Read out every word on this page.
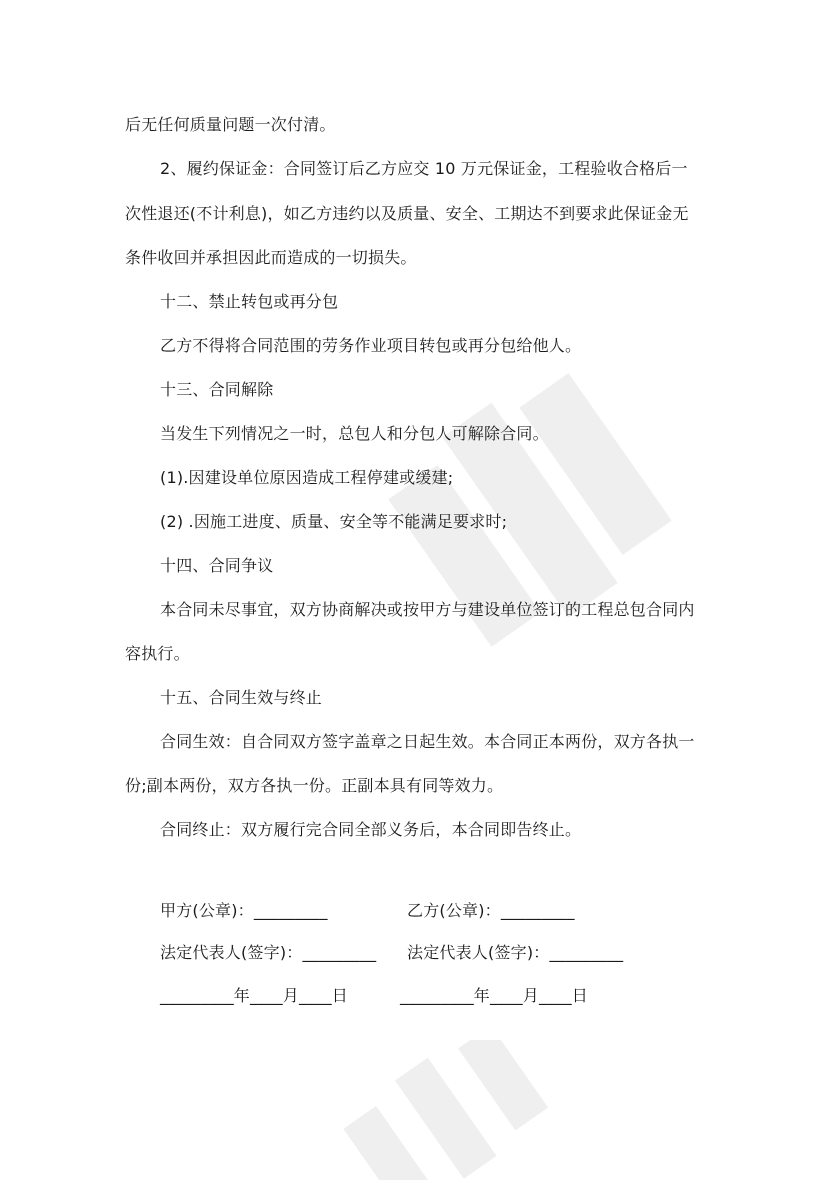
后无任何质量问题一次付清。
2、履约保证金：合同签订后乙方应交 10 万元保证金，工程验收合格后一
次性退还(不计利息)，如乙方违约以及质量、安全、工期达不到要求此保证金无
条件收回并承担因此而造成的一切损失。
十二、禁止转包或再分包
乙方不得将合同范围的劳务作业项目转包或再分包给他人。
十三、合同解除
当发生下列情况之一时，总包人和分包人可解除合同。
(1).因建设单位原因造成工程停建或缓建;
(2) .因施工进度、质量、安全等不能满足要求时;
十四、合同争议
本合同未尽事宜，双方协商解决或按甲方与建设单位签订的工程总包合同内
容执行。
十五、合同生效与终止
合同生效：自合同双方签字盖章之日起生效。本合同正本两份，双方各执一
份;副本两份，双方各执一份。正副本具有同等效力。
合同终止：双方履行完合同全部义务后，本合同即告终止。
甲方(公章)：_________	乙方(公章)：_________
法定代表人(签字)：_________ 法定代表人(签字)：_________
_________年____月____日	_________年____月____日
